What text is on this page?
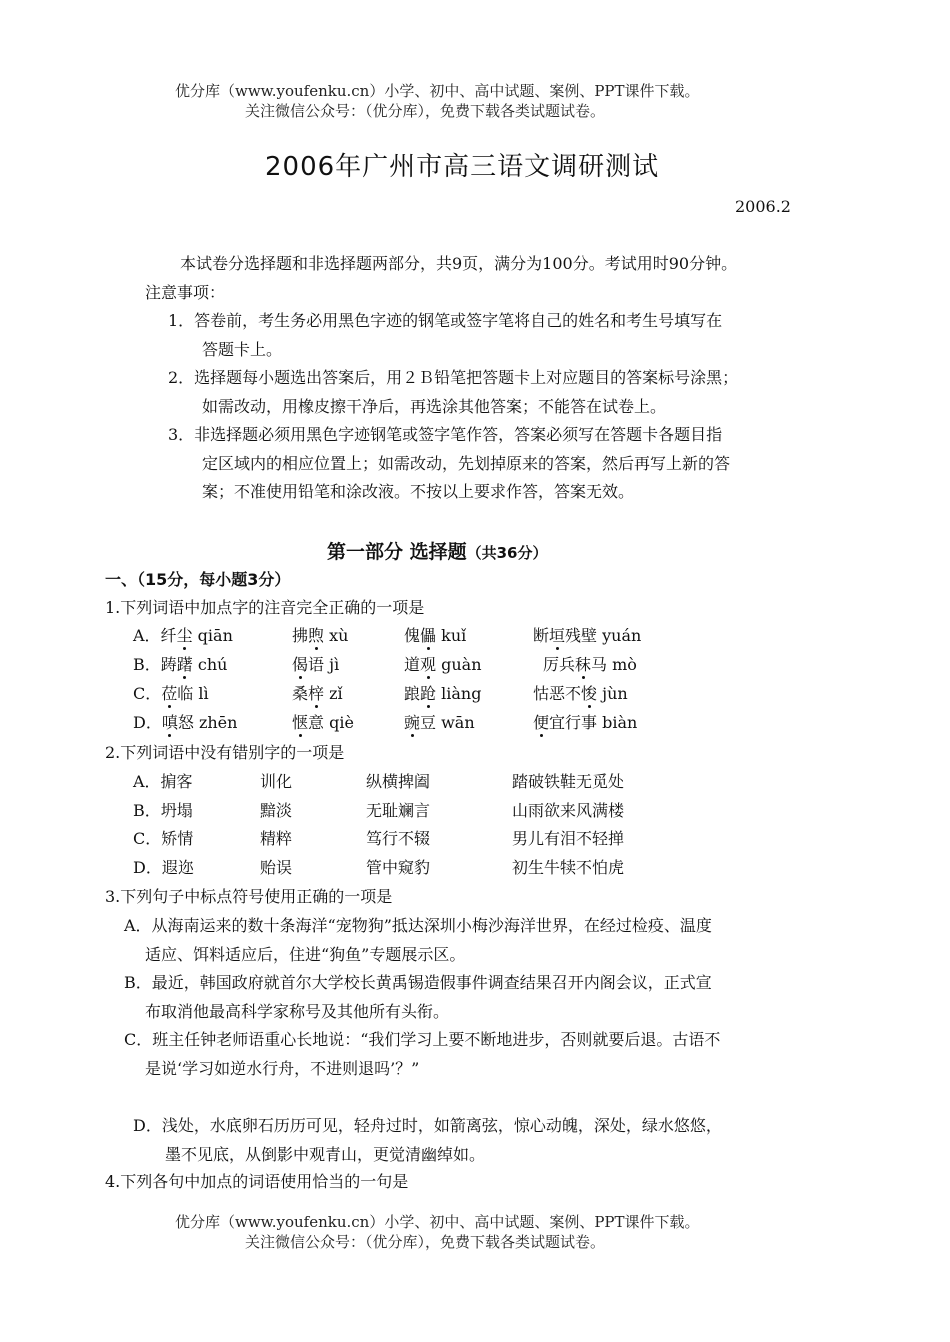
优分库（www.youfenku.cn）小学、初中、高中试题、案例、PPT课件下载。
关注微信公众号：（优分库），免费下载各类试题试卷。
2006年广州市高三语文调研测试
2006.2
本试卷分选择题和非选择题两部分，共9页，满分为100分。考试用时90分钟。
注意事项：
1．答卷前，考生务必用黑色字迹的钢笔或签字笔将自己的姓名和考生号填写在
答题卡上。
2．选择题每小题选出答案后，用２Ｂ铅笔把答题卡上对应题目的答案标号涂黑；
如需改动，用橡皮擦干净后，再选涂其他答案；不能答在试卷上。
3．非选择题必须用黑色字迹钢笔或签字笔作答，答案必须写在答题卡各题目指
定区域内的相应位置上；如需改动，先划掉原来的答案，然后再写上新的答
案；不准使用铅笔和涂改液。不按以上要求作答，答案无效。
第一部分 选择题（共36分）
一、（15分，每小题3分）
1.下列词语中加点字的注音完全正确的一项是
A．纤尘 qiān	拂煦 xù	傀儡 kuǐ	断垣残壁 yuán
B．踌躇 chú	偈语 jì	道观 guàn	厉兵秣马 mò
C．莅临 lì	桑梓 zǐ	踉跄 liàng	怙恶不悛 jùn
D．嗔怒 zhēn	惬意 qiè	豌豆 wān	便宜行事 biàn
2.下列词语中没有错别字的一项是
A．掮客	训化	纵横捭阖	踏破铁鞋无觅处
B．坍塌	黯淡	无耻斓言	山雨欲来风满楼
C．矫情	精粹	笃行不辍	男儿有泪不轻掸
D．遐迩	贻误	管中窥豹	初生牛犊不怕虎
3.下列句子中标点符号使用正确的一项是
A．从海南运来的数十条海洋“宠物狗”抵达深圳小梅沙海洋世界，在经过检疫、温度
适应、饵料适应后，住进“狗鱼”专题展示区。
B．最近，韩国政府就首尔大学校长黄禹锡造假事件调查结果召开内阁会议，正式宣
布取消他最高科学家称号及其他所有头衔。
C．班主任钟老师语重心长地说：“我们学习上要不断地进步，否则就要后退。古语不
是说‘学习如逆水行舟，不进则退吗’？”
D．浅处，水底卵石历历可见，轻舟过时，如箭离弦，惊心动魄，深处，绿水悠悠，
墨不见底，从倒影中观青山，更觉清幽绰如。
4.下列各句中加点的词语使用恰当的一句是
优分库（www.youfenku.cn）小学、初中、高中试题、案例、PPT课件下载。
关注微信公众号：（优分库），免费下载各类试题试卷。
